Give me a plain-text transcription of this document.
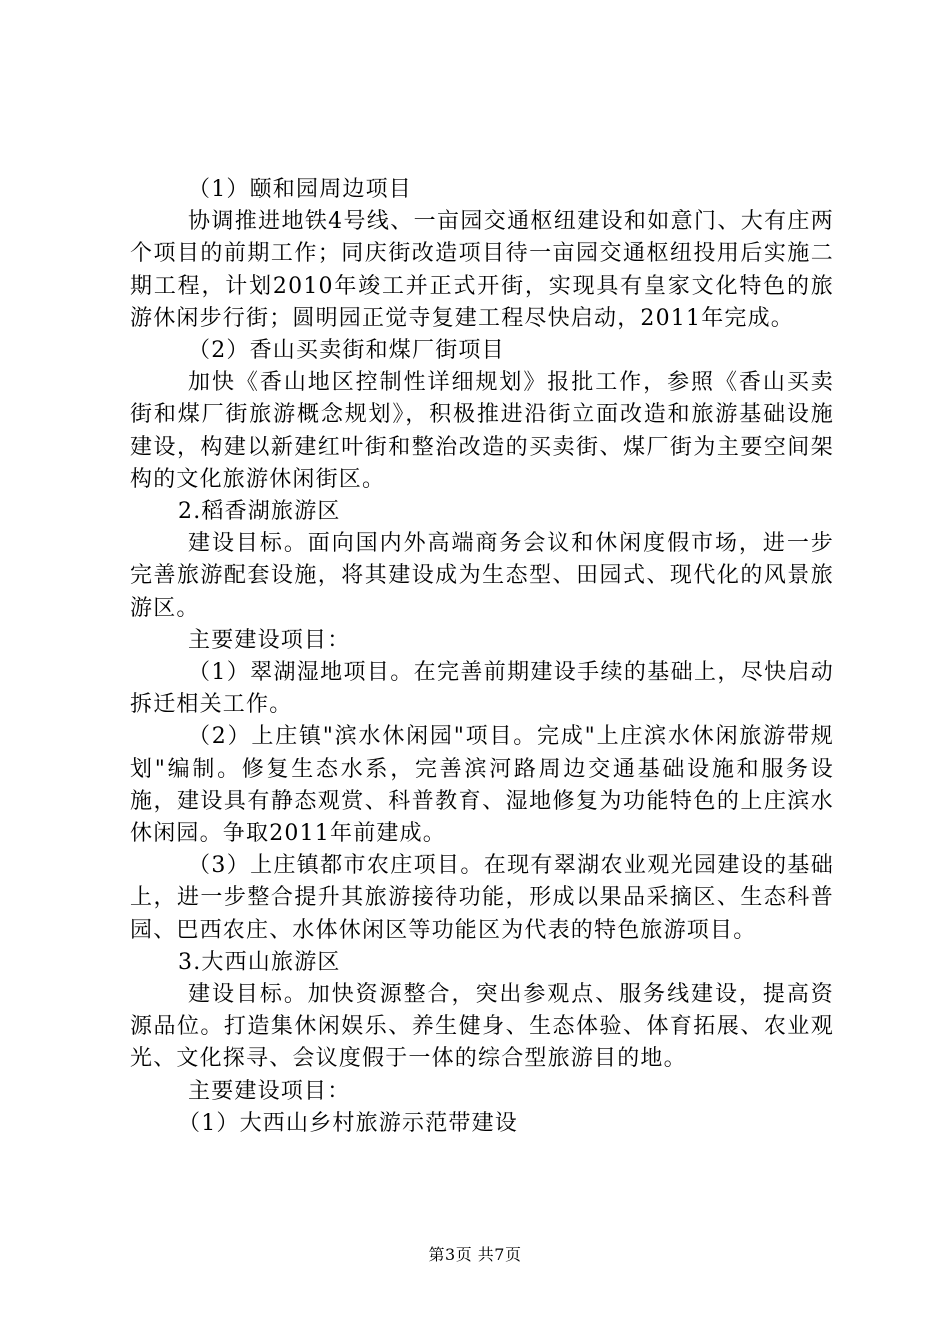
（1）颐和园周边项目

协调推进地铁4号线、一亩园交通枢纽建设和如意门、大有庄两个项目的前期工作；同庆街改造项目待一亩园交通枢纽投用后实施二期工程，计划2010年竣工并正式开街，实现具有皇家文化特色的旅游休闲步行街；圆明园正觉寺复建工程尽快启动，2011年完成。

（2）香山买卖街和煤厂街项目

加快《香山地区控制性详细规划》报批工作，参照《香山买卖街和煤厂街旅游概念规划》，积极推进沿街立面改造和旅游基础设施建设，构建以新建红叶街和整治改造的买卖街、煤厂街为主要空间架构的文化旅游休闲街区。

2.稻香湖旅游区

建设目标。面向国内外高端商务会议和休闲度假市场，进一步完善旅游配套设施，将其建设成为生态型、田园式、现代化的风景旅游区。

主要建设项目：

（1）翠湖湿地项目。在完善前期建设手续的基础上，尽快启动拆迁相关工作。

（2）上庄镇"滨水休闲园"项目。完成"上庄滨水休闲旅游带规划"编制。修复生态水系，完善滨河路周边交通基础设施和服务设施，建设具有静态观赏、科普教育、湿地修复为功能特色的上庄滨水休闲园。争取2011年前建成。

（3）上庄镇都市农庄项目。在现有翠湖农业观光园建设的基础上，进一步整合提升其旅游接待功能，形成以果品采摘区、生态科普园、巴西农庄、水体休闲区等功能区为代表的特色旅游项目。

3.大西山旅游区

建设目标。加快资源整合，突出参观点、服务线建设，提高资源品位。打造集休闲娱乐、养生健身、生态体验、体育拓展、农业观光、文化探寻、会议度假于一体的综合型旅游目的地。

主要建设项目：

（1）大西山乡村旅游示范带建设

第3页 共7页
